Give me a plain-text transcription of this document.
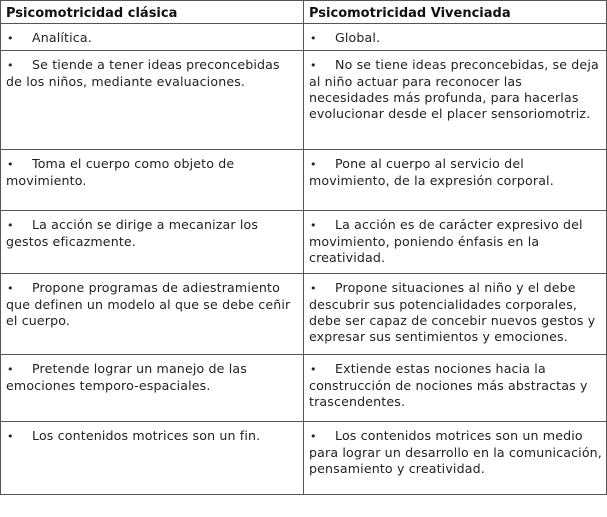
Psicomotricidad clásica	Psicomotricidad Vivenciada
• Analítica.	• Global.
• Se tiende a tener ideas preconcebidas de los niños, mediante evaluaciones.	• No se tiene ideas preconcebidas, se deja al niño actuar para reconocer las necesidades más profunda, para hacerlas evolucionar desde el placer sensoriomotriz.
• Toma el cuerpo como objeto de movimiento.	• Pone al cuerpo al servicio del movimiento, de la expresión corporal.
• La acción se dirige a mecanizar los gestos eficazmente.	• La acción es de carácter expresivo del movimiento, poniendo énfasis en la creatividad.
• Propone programas de adiestramiento que definen un modelo al que se debe ceñir el cuerpo.	• Propone situaciones al niño y el debe descubrir sus potencialidades corporales, debe ser capaz de concebir nuevos gestos y expresar sus sentimientos y emociones.
• Pretende lograr un manejo de las emociones temporo-espaciales.	• Extiende estas nociones hacia la construcción de nociones más abstractas y trascendentes.
• Los contenidos motrices son un fin.	• Los contenidos motrices son un medio para lograr un desarrollo en la comunicación, pensamiento y creatividad.
